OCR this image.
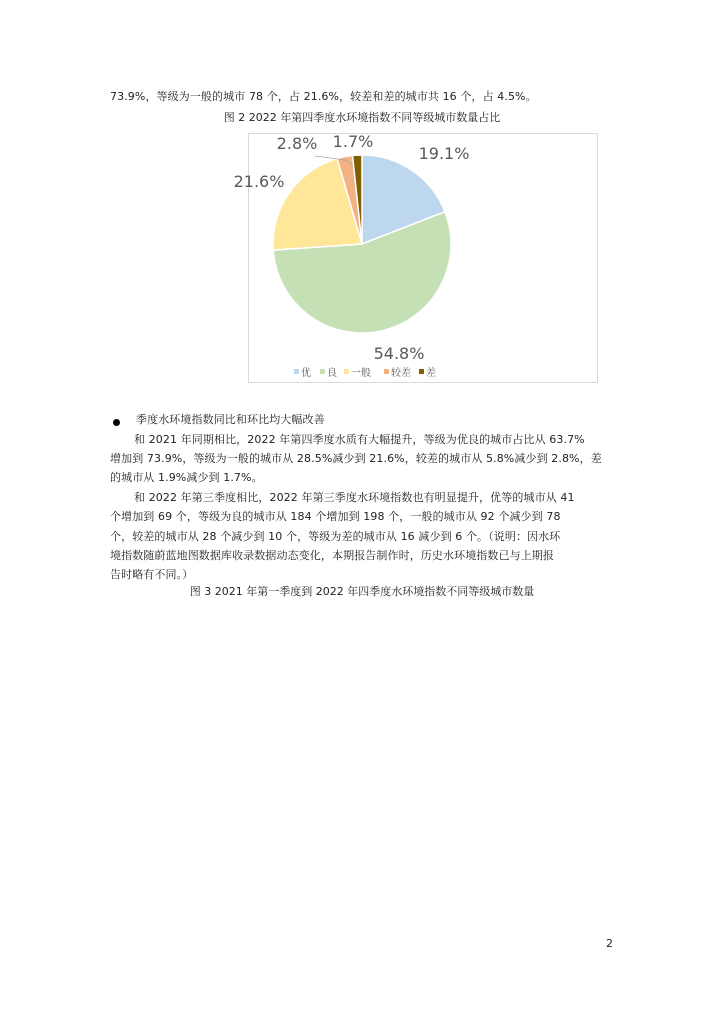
73.9%，等级为一般的城市 78 个，占 21.6%，较差和差的城市共 16 个，占 4.5%。
图 2 2022 年第四季度水环境指数不同等级城市数量占比
19.1%
54.8%
21.6%
2.8% 1.7%
优 良 一般 较差 差
季度水环境指数同比和环比均大幅改善
和 2021 年同期相比，2022 年第四季度水质有大幅提升，等级为优良的城市占比从 63.7%
增加到 73.9%，等级为一般的城市从 28.5%减少到 21.6%，较差的城市从 5.8%减少到 2.8%，差
的城市从 1.9%减少到 1.7%。
和 2022 年第三季度相比，2022 年第三季度水环境指数也有明显提升，优等的城市从 41
个增加到 69 个，等级为良的城市从 184 个增加到 198 个，一般的城市从 92 个减少到 78
个，较差的城市从 28 个减少到 10 个，等级为差的城市从 16 减少到 6 个。（说明：因水环
境指数随蔚蓝地图数据库收录数据动态变化，本期报告制作时，历史水环境指数已与上期报
告时略有不同。）
图 3 2021 年第一季度到 2022 年四季度水环境指数不同等级城市数量
2
